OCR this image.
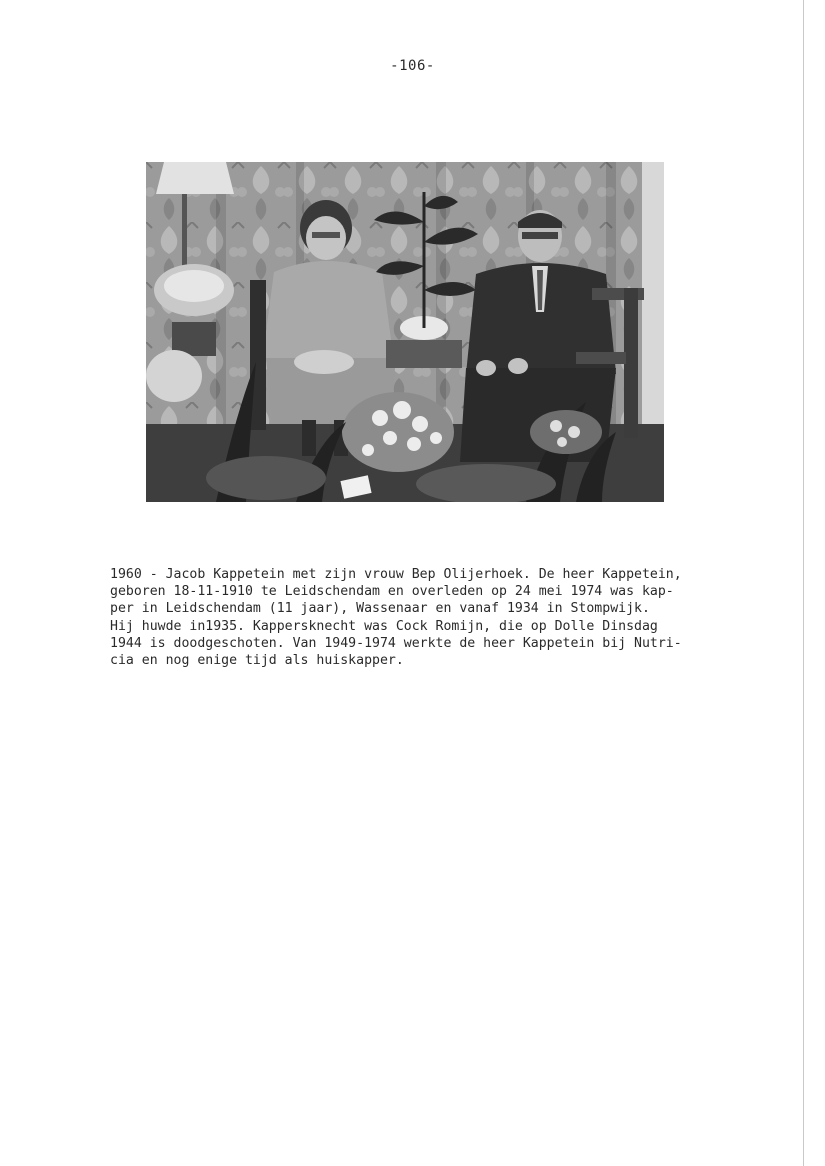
-106-
1960 - Jacob Kappetein met zijn vrouw Bep Olijerhoek. De heer Kappetein,
geboren 18-11-1910 te Leidschendam en overleden op 24 mei 1974 was kap-
per in Leidschendam (11 jaar), Wassenaar en vanaf 1934 in Stompwijk.
Hij huwde in1935. Kappersknecht was Cock Romijn, die op Dolle Dinsdag
1944 is doodgeschoten. Van 1949-1974 werkte de heer Kappetein bij Nutri-
cia en nog enige tijd als huiskapper.
